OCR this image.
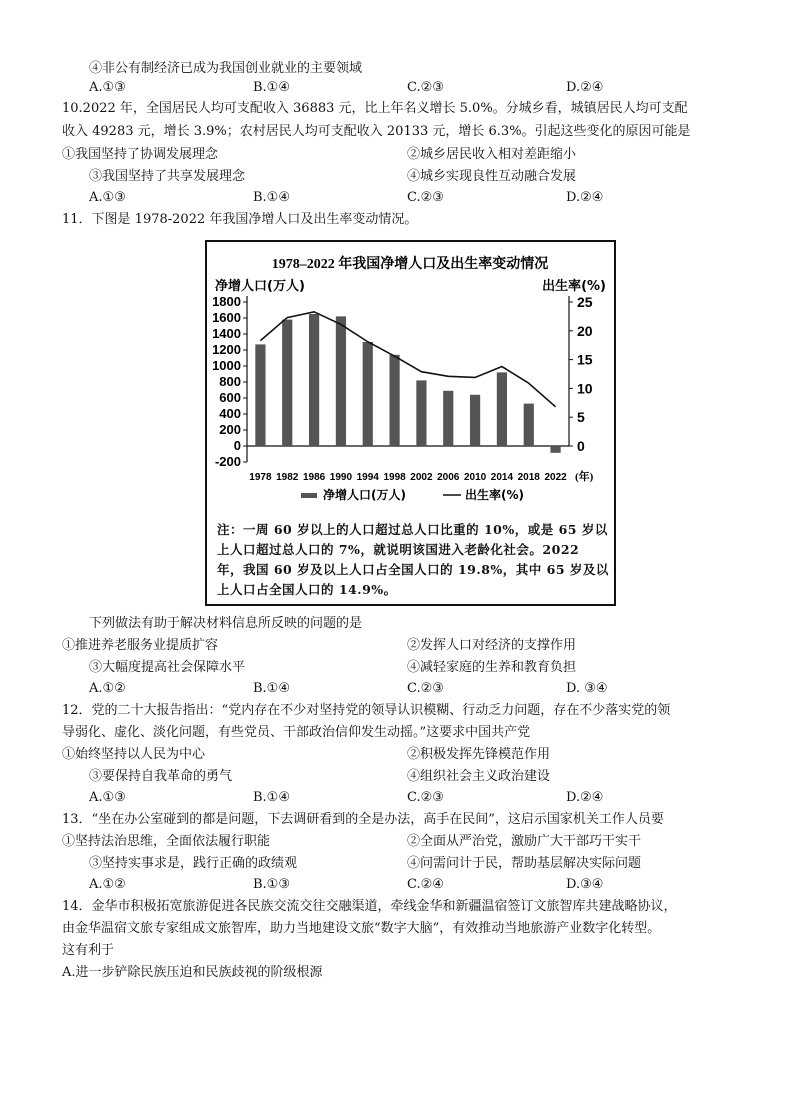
④非公有制经济已成为我国创业就业的主要领域
A.①③	B.①④	C.②③	D.②④
10.2022 年，全国居民人均可支配收入 36883 元，比上年名义增长 5.0%。分城乡看，城镇居民人均可支配
收入 49283 元，增长 3.9%；农村居民人均可支配收入 20133 元，增长 6.3%。引起这些变化的原因可能是
①我国坚持了协调发展理念	②城乡居民收入相对差距缩小
③我国坚持了共享发展理念	④城乡实现良性互动融合发展
A.①③	B.①④	C.②③	D.②④
11．下图是 1978-2022 年我国净增人口及出生率变动情况。
1978–2022 年我国净增人口及出生率变动情况
净增人口(万人)	出生率(%)
1800
1600
1400
1200
1000
800
600
400
200
0
-200
25
20
15
10
5
0
1978 1982 1986 1990 1994 1998 2002 2006 2010 2014 2018 2022 (年)
净增人口(万人)	出生率(%)
注：一周 60 岁以上的人口超过总人口比重的 10%，或是 65 岁以上人口超过总人口的 7%，就说明该国进入老龄化社会。2022 年，我国 60 岁及以上人口占全国人口的 19.8%，其中 65 岁及以上人口占全国人口的 14.9%。
下列做法有助于解决材料信息所反映的问题的是
①推进养老服务业提质扩容	②发挥人口对经济的支撑作用
③大幅度提高社会保障水平	④减轻家庭的生养和教育负担
A.①②	B.①④	C.②③	D. ③④
12．党的二十大报告指出：“党内存在不少对坚持党的领导认识模糊、行动乏力问题，存在不少落实党的领
导弱化、虚化、淡化问题，有些党员、干部政治信仰发生动摇。”这要求中国共产党
①始终坚持以人民为中心	②积极发挥先锋模范作用
③要保持自我革命的勇气	④组织社会主义政治建设
A.①③	B.①④	C.②③	D.②④
13．“坐在办公室碰到的都是问题，下去调研看到的全是办法，高手在民间”，这启示国家机关工作人员要
①坚持法治思维，全面依法履行职能	②全面从严治党，激励广大干部巧干实干
③坚持实事求是，践行正确的政绩观	④问需问计于民，帮助基层解决实际问题
A.①②	B.①③	C.②④	D.③④
14．金华市积极拓宽旅游促进各民族交流交往交融渠道，牵线金华和新疆温宿签订文旅智库共建战略协议，
由金华温宿文旅专家组成文旅智库，助力当地建设文旅“数字大脑”，有效推动当地旅游产业数字化转型。
这有利于
A.进一步铲除民族压迫和民族歧视的阶级根源
